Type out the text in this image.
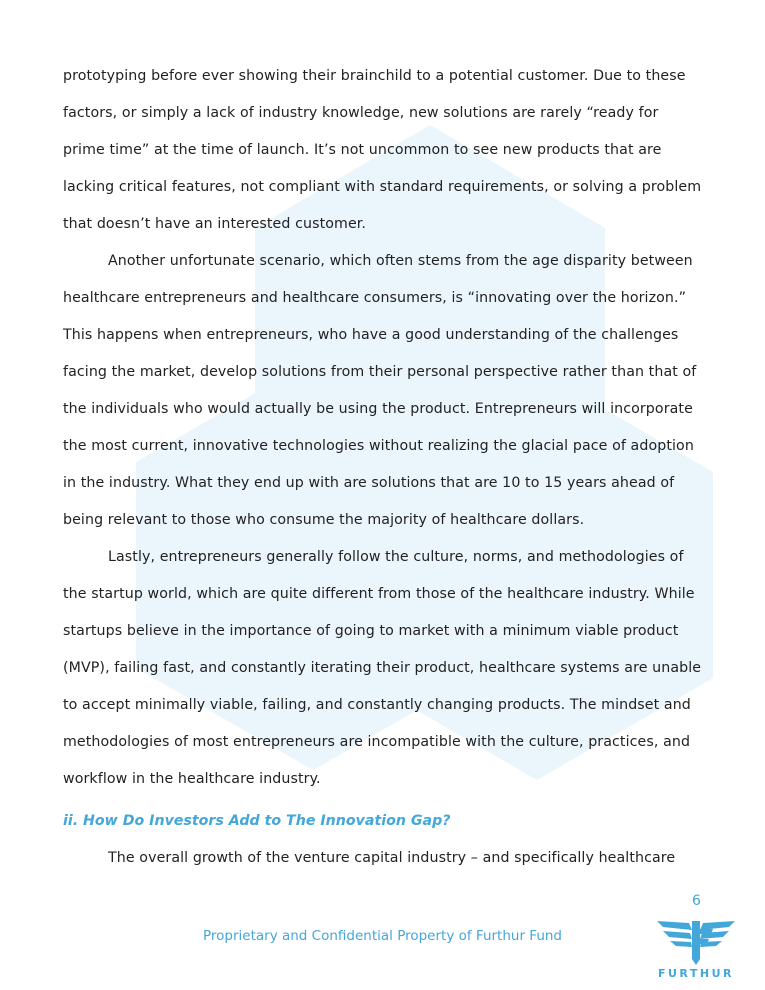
prototyping before ever showing their brainchild to a potential customer. Due to these factors, or simply a lack of industry knowledge, new solutions are rarely “ready for prime time” at the time of launch. It’s not uncommon to see new products that are lacking critical features, not compliant with standard requirements, or solving a problem that doesn’t have an interested customer.

Another unfortunate scenario, which often stems from the age disparity between healthcare entrepreneurs and healthcare consumers, is “innovating over the horizon.” This happens when entrepreneurs, who have a good understanding of the challenges facing the market, develop solutions from their personal perspective rather than that of the individuals who would actually be using the product. Entrepreneurs will incorporate the most current, innovative technologies without realizing the glacial pace of adoption in the industry. What they end up with are solutions that are 10 to 15 years ahead of being relevant to those who consume the majority of healthcare dollars.

Lastly, entrepreneurs generally follow the culture, norms, and methodologies of the startup world, which are quite different from those of the healthcare industry. While startups believe in the importance of going to market with a minimum viable product (MVP), failing fast, and constantly iterating their product, healthcare systems are unable to accept minimally viable, failing, and constantly changing products. The mindset and methodologies of most entrepreneurs are incompatible with the culture, practices, and workflow in the healthcare industry.

ii. How Do Investors Add to The Innovation Gap?

The overall growth of the venture capital industry – and specifically healthcare

6
Proprietary and Confidential Property of Furthur Fund
FURTHUR
